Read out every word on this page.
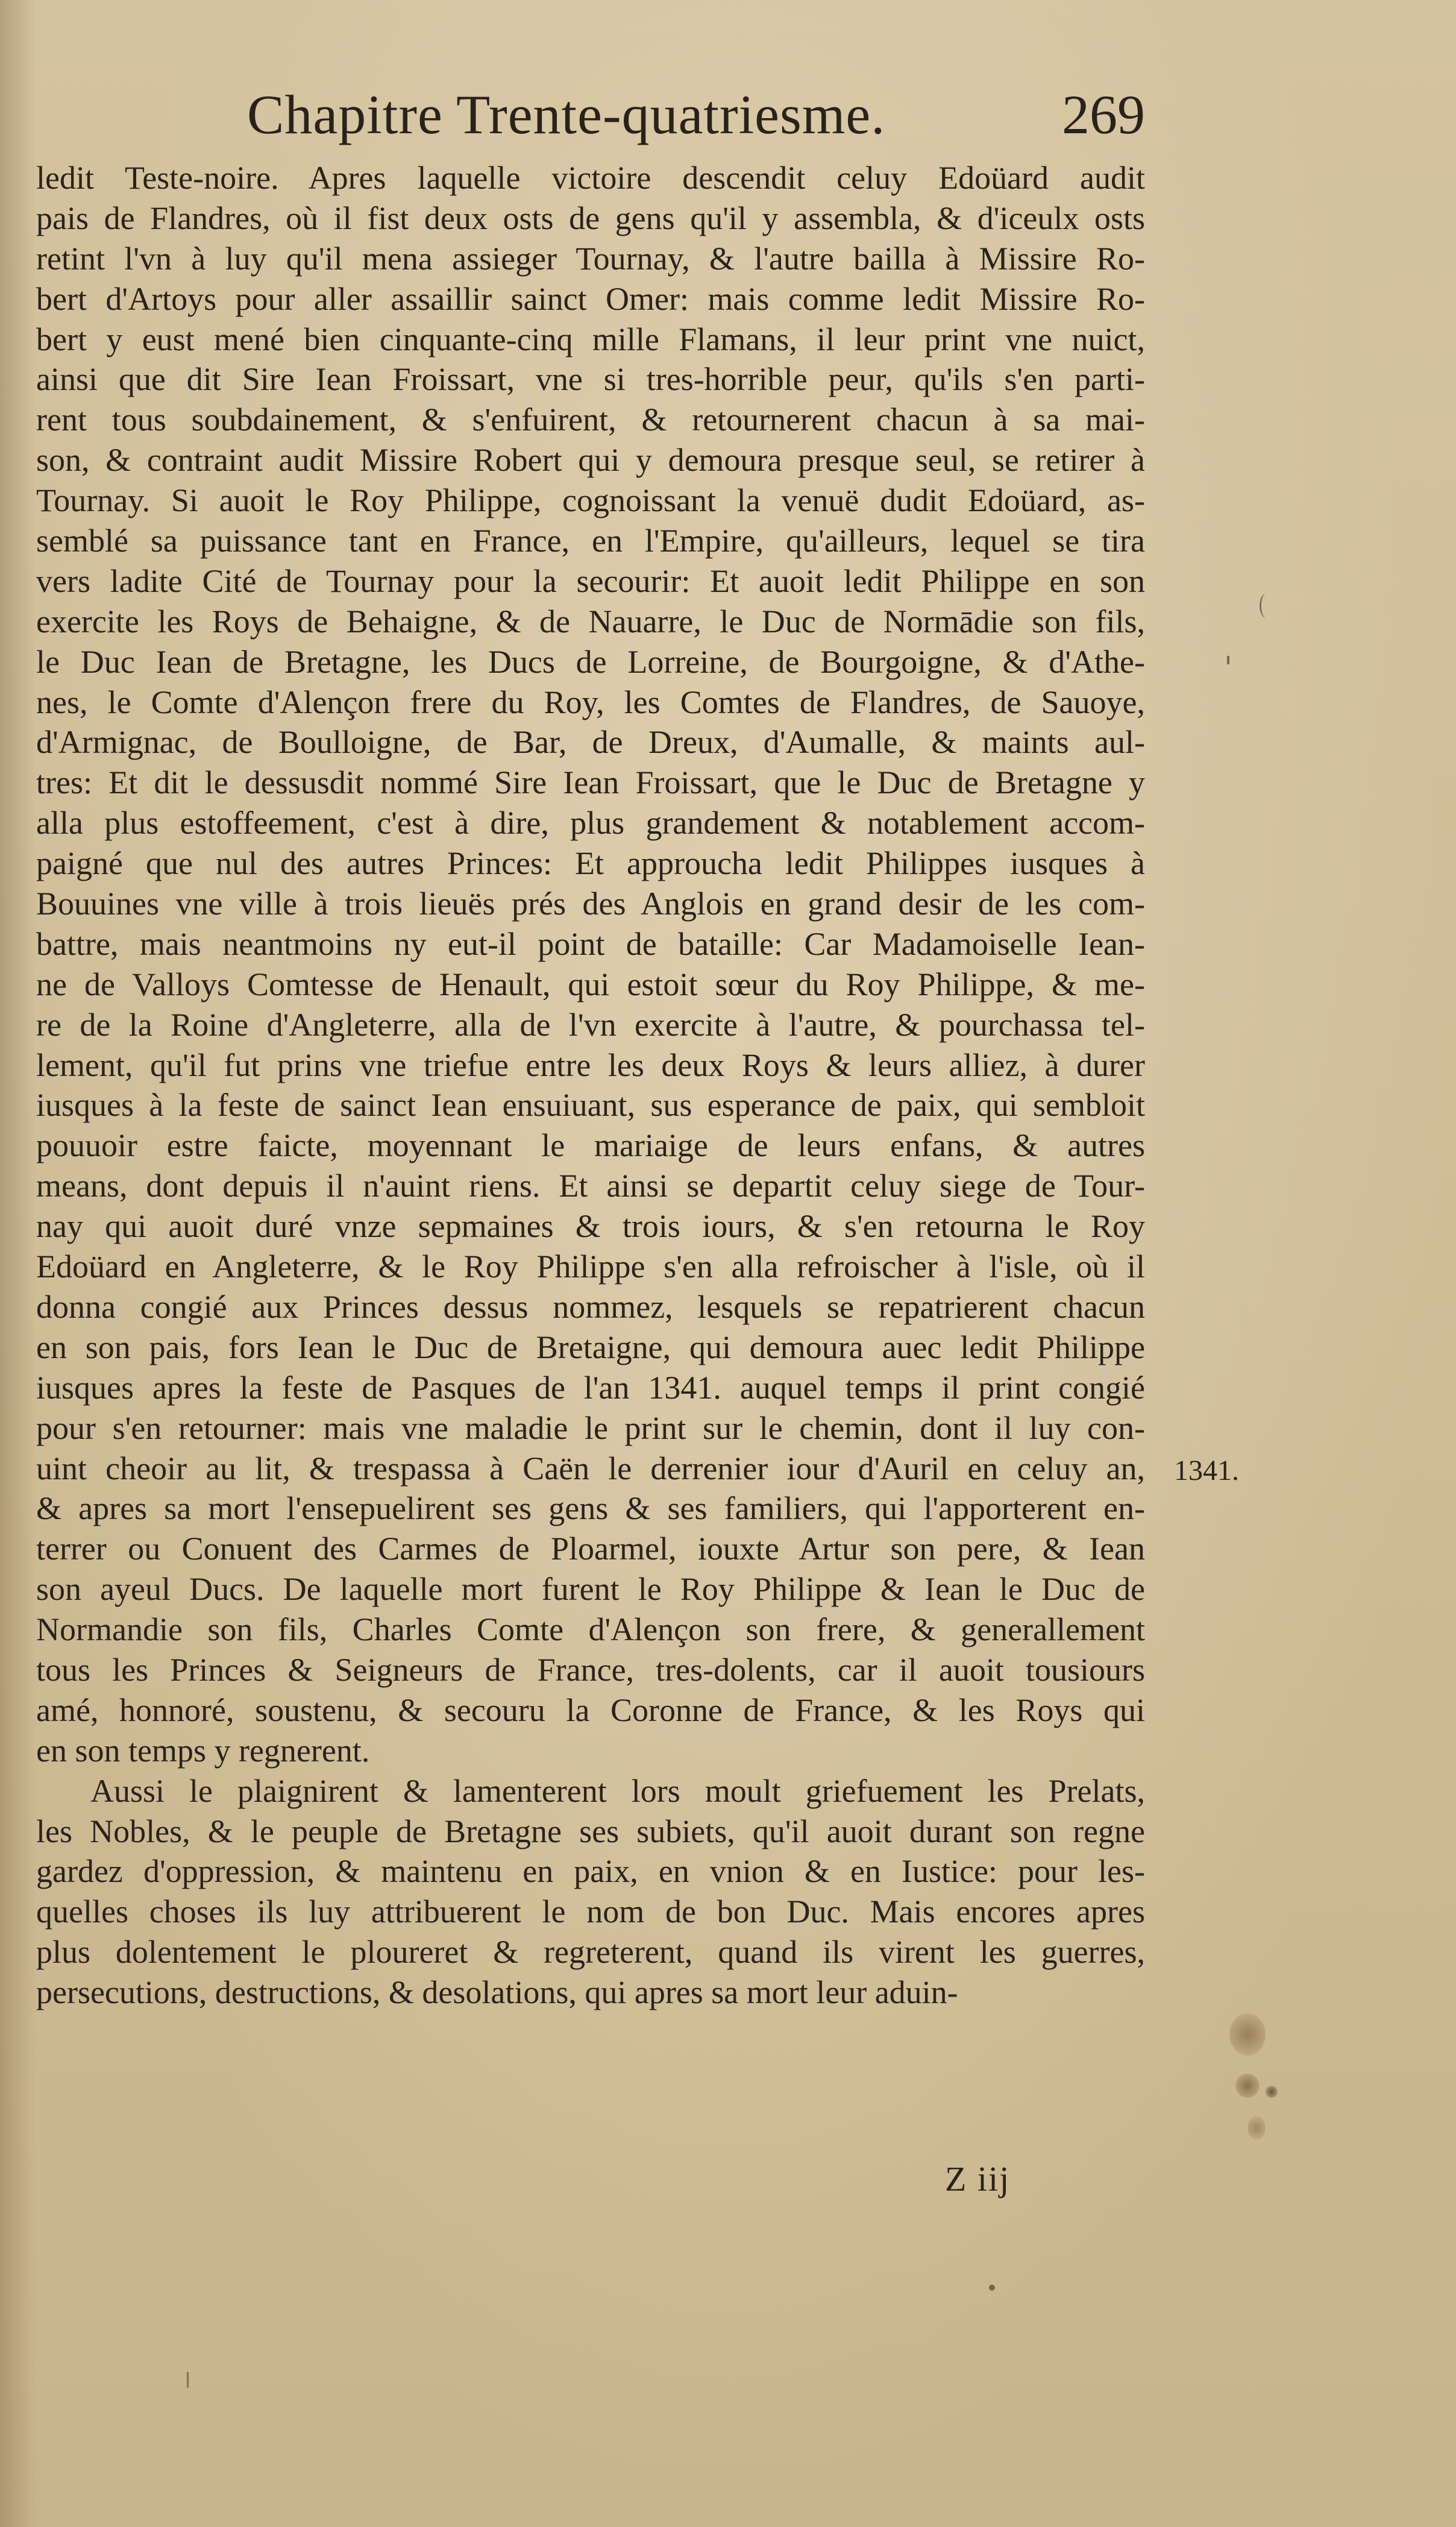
Chapitre Trente-quatriesme.	269
ledit Teste-noire. Apres laquelle victoire descendit celuy Edoüard audit
pais de Flandres, où il fist deux osts de gens qu'il y assembla, & d'iceulx osts
retint l'vn à luy qu'il mena assieger Tournay, & l'autre bailla à Missire Ro-
bert d'Artoys pour aller assaillir sainct Omer: mais comme ledit Missire Ro-
bert y eust mené bien cinquante-cinq mille Flamans, il leur print vne nuict,
ainsi que dit Sire Iean Froissart, vne si tres-horrible peur, qu'ils s'en parti-
rent tous soubdainement, & s'enfuirent, & retournerent chacun à sa mai-
son, & contraint audit Missire Robert qui y demoura presque seul, se retirer à
Tournay. Si auoit le Roy Philippe, cognoissant la venuë dudit Edoüard, as-
semblé sa puissance tant en France, en l'Empire, qu'ailleurs, lequel se tira
vers ladite Cité de Tournay pour la secourir: Et auoit ledit Philippe en son
exercite les Roys de Behaigne, & de Nauarre, le Duc de Normādie son fils,
le Duc Iean de Bretagne, les Ducs de Lorreine, de Bourgoigne, & d'Athe-
nes, le Comte d'Alençon frere du Roy, les Comtes de Flandres, de Sauoye,
d'Armignac, de Boulloigne, de Bar, de Dreux, d'Aumalle, & maints aul-
tres: Et dit le dessusdit nommé Sire Iean Froissart, que le Duc de Bretagne y
alla plus estoffeement, c'est à dire, plus grandement & notablement accom-
paigné que nul des autres Princes: Et approucha ledit Philippes iusques à
Bouuines vne ville à trois lieuës prés des Anglois en grand desir de les com-
battre, mais neantmoins ny eut-il point de bataille: Car Madamoiselle Iean-
ne de Valloys Comtesse de Henault, qui estoit sœur du Roy Philippe, & me-
re de la Roine d'Angleterre, alla de l'vn exercite à l'autre, & pourchassa tel-
lement, qu'il fut prins vne triefue entre les deux Roys & leurs alliez, à durer
iusques à la feste de sainct Iean ensuiuant, sus esperance de paix, qui sembloit
pouuoir estre faicte, moyennant le mariaige de leurs enfans, & autres
means, dont depuis il n'auint riens. Et ainsi se departit celuy siege de Tour-
nay qui auoit duré vnze sepmaines & trois iours, & s'en retourna le Roy
Edoüard en Angleterre, & le Roy Philippe s'en alla refroischer à l'isle, où il
donna congié aux Princes dessus nommez, lesquels se repatrierent chacun
en son pais, fors Iean le Duc de Bretaigne, qui demoura auec ledit Philippe
iusques apres la feste de Pasques de l'an 1341. auquel temps il print congié
pour s'en retourner: mais vne maladie le print sur le chemin, dont il luy con-
uint cheoir au lit, & trespassa à Caën le derrenier iour d'Auril en celuy an,
& apres sa mort l'ensepuelirent ses gens & ses familiers, qui l'apporterent en-
terrer ou Conuent des Carmes de Ploarmel, iouxte Artur son pere, & Iean
son ayeul Ducs. De laquelle mort furent le Roy Philippe & Iean le Duc de
Normandie son fils, Charles Comte d'Alençon son frere, & generallement
tous les Princes & Seigneurs de France, tres-dolents, car il auoit tousiours
amé, honnoré, soustenu, & secouru la Coronne de France, & les Roys qui
en son temps y regnerent.
Aussi le plaignirent & lamenterent lors moult griefuement les Prelats,
les Nobles, & le peuple de Bretagne ses subiets, qu'il auoit durant son regne
gardez d'oppression, & maintenu en paix, en vnion & en Iustice: pour les-
quelles choses ils luy attribuerent le nom de bon Duc. Mais encores apres
plus dolentement le ploureret & regreterent, quand ils virent les guerres,
persecutions, destructions, & desolations, qui apres sa mort leur aduin-
1341.
Z iij
